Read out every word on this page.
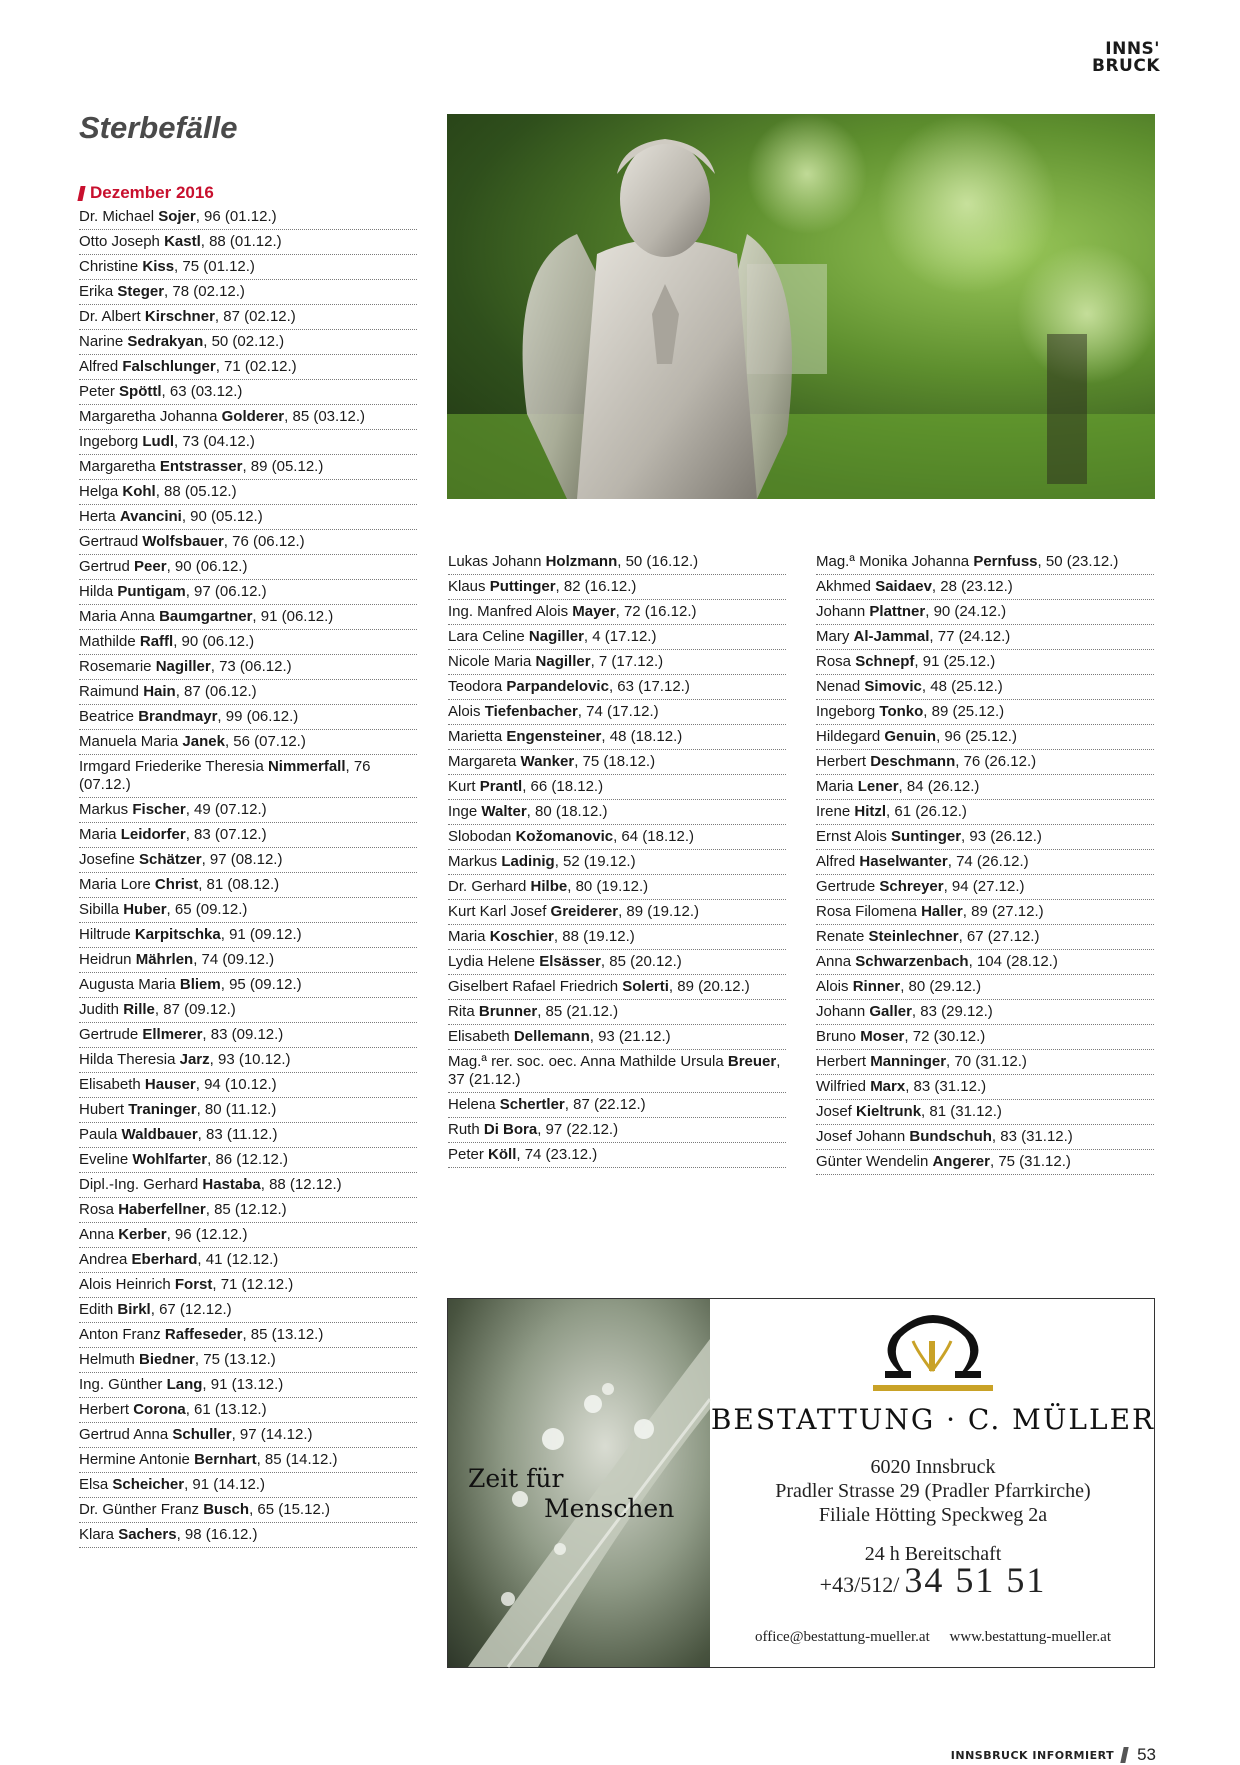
INNS'
BRUCK
Sterbefälle
Dezember 2016
Dr. Michael Sojer, 96 (01.12.)
Otto Joseph Kastl, 88 (01.12.)
Christine Kiss, 75 (01.12.)
Erika Steger, 78 (02.12.)
Dr. Albert Kirschner, 87 (02.12.)
Narine Sedrakyan, 50 (02.12.)
Alfred Falschlunger, 71 (02.12.)
Peter Spöttl, 63 (03.12.)
Margaretha Johanna Golderer, 85 (03.12.)
Ingeborg Ludl, 73 (04.12.)
Margaretha Entstrasser, 89 (05.12.)
Helga Kohl, 88 (05.12.)
Herta Avancini, 90 (05.12.)
Gertraud Wolfsbauer, 76 (06.12.)
Gertrud Peer, 90 (06.12.)
Hilda Puntigam, 97 (06.12.)
Maria Anna Baumgartner, 91 (06.12.)
Mathilde Raffl, 90 (06.12.)
Rosemarie Nagiller, 73 (06.12.)
Raimund Hain, 87 (06.12.)
Beatrice Brandmayr, 99 (06.12.)
Manuela Maria Janek, 56 (07.12.)
Irmgard Friederike Theresia Nimmerfall, 76 (07.12.)
Markus Fischer, 49 (07.12.)
Maria Leidorfer, 83 (07.12.)
Josefine Schätzer, 97 (08.12.)
Maria Lore Christ, 81 (08.12.)
Sibilla Huber, 65 (09.12.)
Hiltrude Karpitschka, 91 (09.12.)
Heidrun Mährlen, 74 (09.12.)
Augusta Maria Bliem, 95 (09.12.)
Judith Rille, 87 (09.12.)
Gertrude Ellmerer, 83 (09.12.)
Hilda Theresia Jarz, 93 (10.12.)
Elisabeth Hauser, 94 (10.12.)
Hubert Traninger, 80 (11.12.)
Paula Waldbauer, 83 (11.12.)
Eveline Wohlfarter, 86 (12.12.)
Dipl.-Ing. Gerhard Hastaba, 88 (12.12.)
Rosa Haberfellner, 85 (12.12.)
Anna Kerber, 96 (12.12.)
Andrea Eberhard, 41 (12.12.)
Alois Heinrich Forst, 71 (12.12.)
Edith Birkl, 67 (12.12.)
Anton Franz Raffeseder, 85 (13.12.)
Helmuth Biedner, 75 (13.12.)
Ing. Günther Lang, 91 (13.12.)
Herbert Corona, 61 (13.12.)
Gertrud Anna Schuller, 97 (14.12.)
Hermine Antonie Bernhart, 85 (14.12.)
Elsa Scheicher, 91 (14.12.)
Dr. Günther Franz Busch, 65 (15.12.)
Klara Sachers, 98 (16.12.)
Lukas Johann Holzmann, 50 (16.12.)
Klaus Puttinger, 82 (16.12.)
Ing. Manfred Alois Mayer, 72 (16.12.)
Lara Celine Nagiller, 4 (17.12.)
Nicole Maria Nagiller, 7 (17.12.)
Teodora Parpandelovic, 63 (17.12.)
Alois Tiefenbacher, 74 (17.12.)
Marietta Engensteiner, 48 (18.12.)
Margareta Wanker, 75 (18.12.)
Kurt Prantl, 66 (18.12.)
Inge Walter, 80 (18.12.)
Slobodan Kožomanovic, 64 (18.12.)
Markus Ladinig, 52 (19.12.)
Dr. Gerhard Hilbe, 80 (19.12.)
Kurt Karl Josef Greiderer, 89 (19.12.)
Maria Koschier, 88 (19.12.)
Lydia Helene Elsässer, 85 (20.12.)
Giselbert Rafael Friedrich Solerti, 89 (20.12.)
Rita Brunner, 85 (21.12.)
Elisabeth Dellemann, 93 (21.12.)
Mag.ª rer. soc. oec. Anna Mathilde Ursula Breuer, 37 (21.12.)
Helena Schertler, 87 (22.12.)
Ruth Di Bora, 97 (22.12.)
Peter Köll, 74 (23.12.)
Mag.ª Monika Johanna Pernfuss, 50 (23.12.)
Akhmed Saidaev, 28 (23.12.)
Johann Plattner, 90 (24.12.)
Mary Al-Jammal, 77 (24.12.)
Rosa Schnepf, 91 (25.12.)
Nenad Simovic, 48 (25.12.)
Ingeborg Tonko, 89 (25.12.)
Hildegard Genuin, 96 (25.12.)
Herbert Deschmann, 76 (26.12.)
Maria Lener, 84 (26.12.)
Irene Hitzl, 61 (26.12.)
Ernst Alois Suntinger, 93 (26.12.)
Alfred Haselwanter, 74 (26.12.)
Gertrude Schreyer, 94 (27.12.)
Rosa Filomena Haller, 89 (27.12.)
Renate Steinlechner, 67 (27.12.)
Anna Schwarzenbach, 104 (28.12.)
Alois Rinner, 80 (29.12.)
Johann Galler, 83 (29.12.)
Bruno Moser, 72 (30.12.)
Herbert Manninger, 70 (31.12.)
Wilfried Marx, 83 (31.12.)
Josef Kieltrunk, 81 (31.12.)
Josef Johann Bundschuh, 83 (31.12.)
Günter Wendelin Angerer, 75 (31.12.)
Zeit für
Menschen
BESTATTUNG · C. MÜLLER
6020 Innsbruck
Pradler Strasse 29 (Pradler Pfarrkirche)
Filiale Hötting Speckweg 2a
24 h Bereitschaft
+43/512/ 34 51 51
office@bestattung-mueller.at www.bestattung-mueller.at
INNSBRUCK INFORMIERT 53
